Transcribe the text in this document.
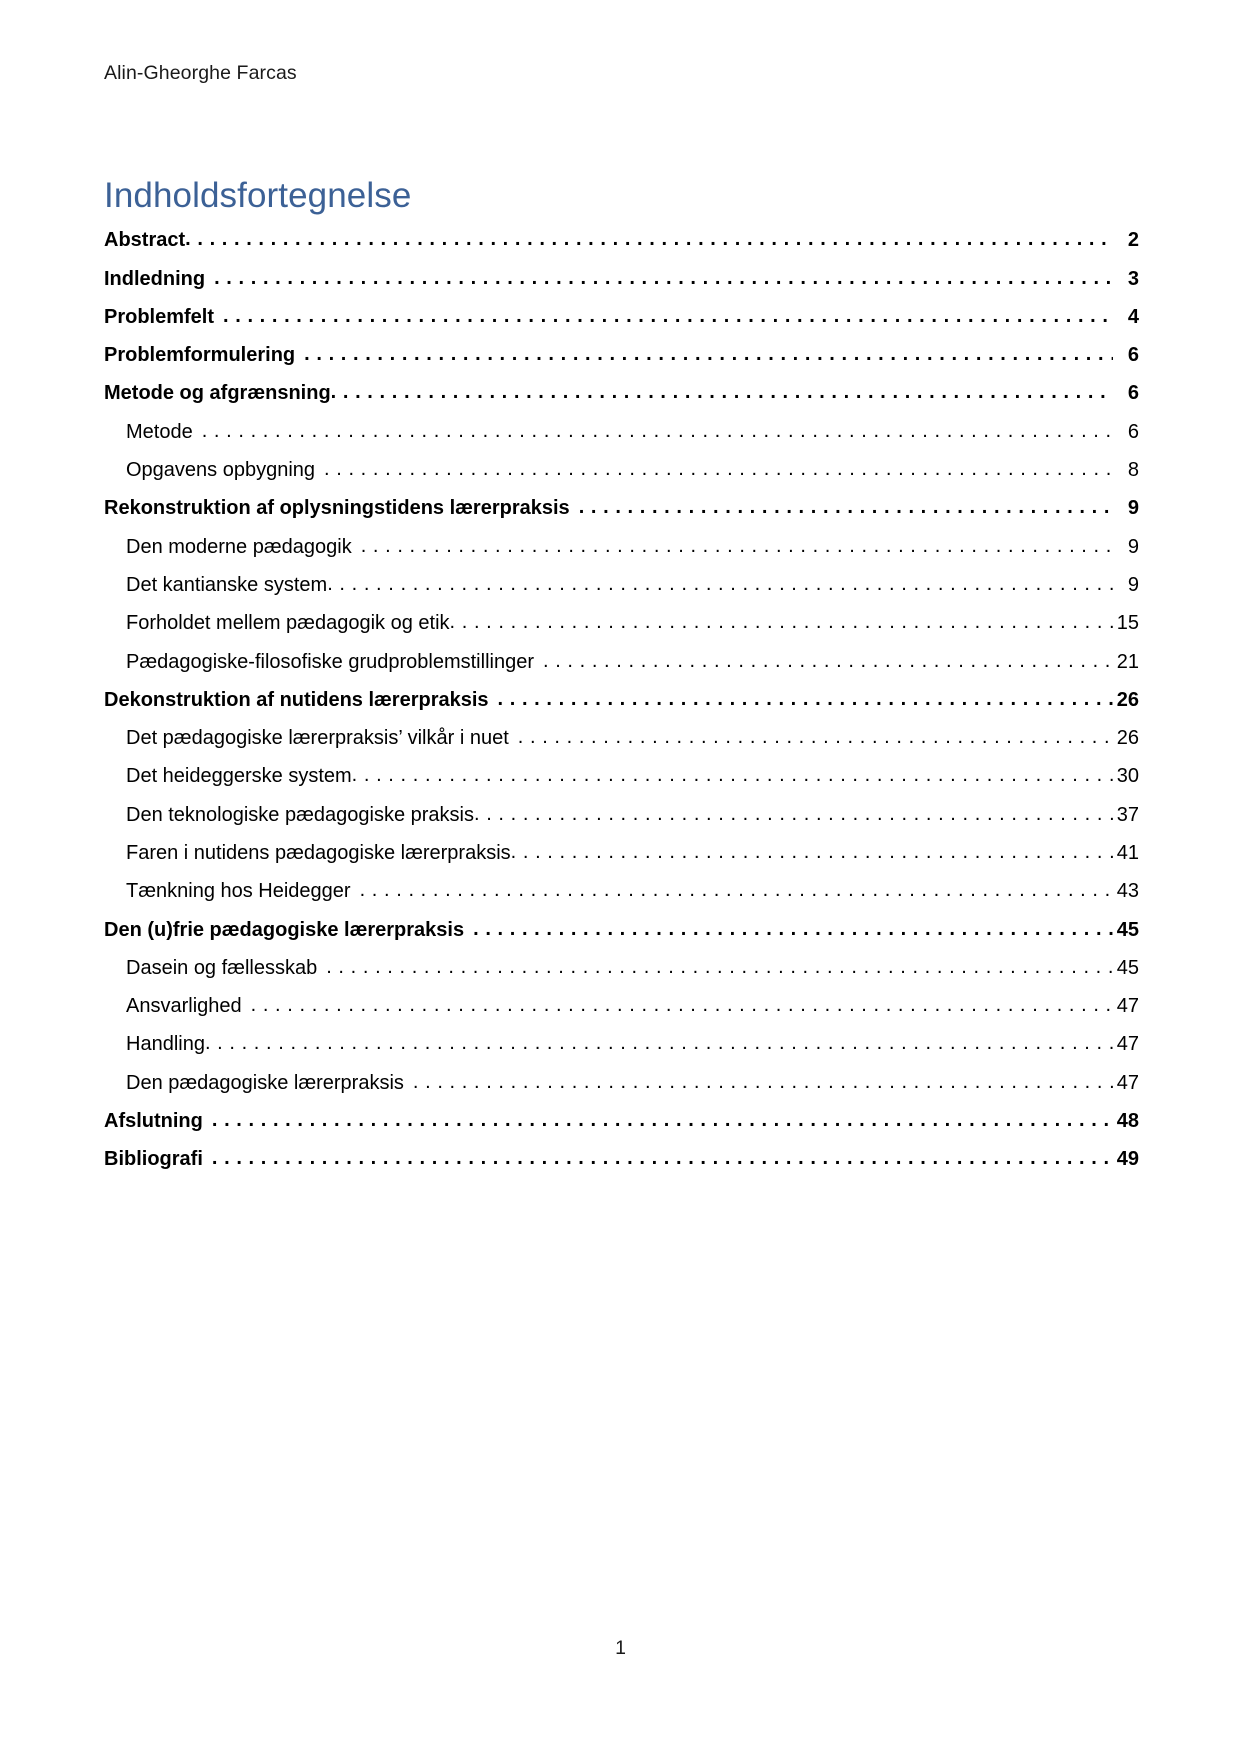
Alin-Gheorghe Farcas
Indholdsfortegnelse
Abstract . . .	2
Indledning . . .	3
Problemfelt . . .	4
Problemformulering . . .	6
Metode og afgrænsning . . .	6
Metode . . .	6
Opgavens opbygning . . .	8
Rekonstruktion af oplysningstidens lærerpraksis . . .	9
Den moderne pædagogik . . .	9
Det kantianske system . . .	9
Forholdet mellem pædagogik og etik . . .	15
Pædagogiske-filosofiske grudproblemstillinger . . .	21
Dekonstruktion af nutidens lærerpraksis . . .	26
Det pædagogiske lærerpraksis’ vilkår i nuet . . .	26
Det heideggerske system . . .	30
Den teknologiske pædagogiske praksis . . .	37
Faren i nutidens pædagogiske lærerpraksis . . .	41
Tænkning hos Heidegger . . .	43
Den (u)frie pædagogiske lærerpraksis . . .	45
Dasein og fællesskab . . .	45
Ansvarlighed . . .	47
Handling . . .	47
Den pædagogiske lærerpraksis . . .	47
Afslutning . . .	48
Bibliografi . . .	49
1
